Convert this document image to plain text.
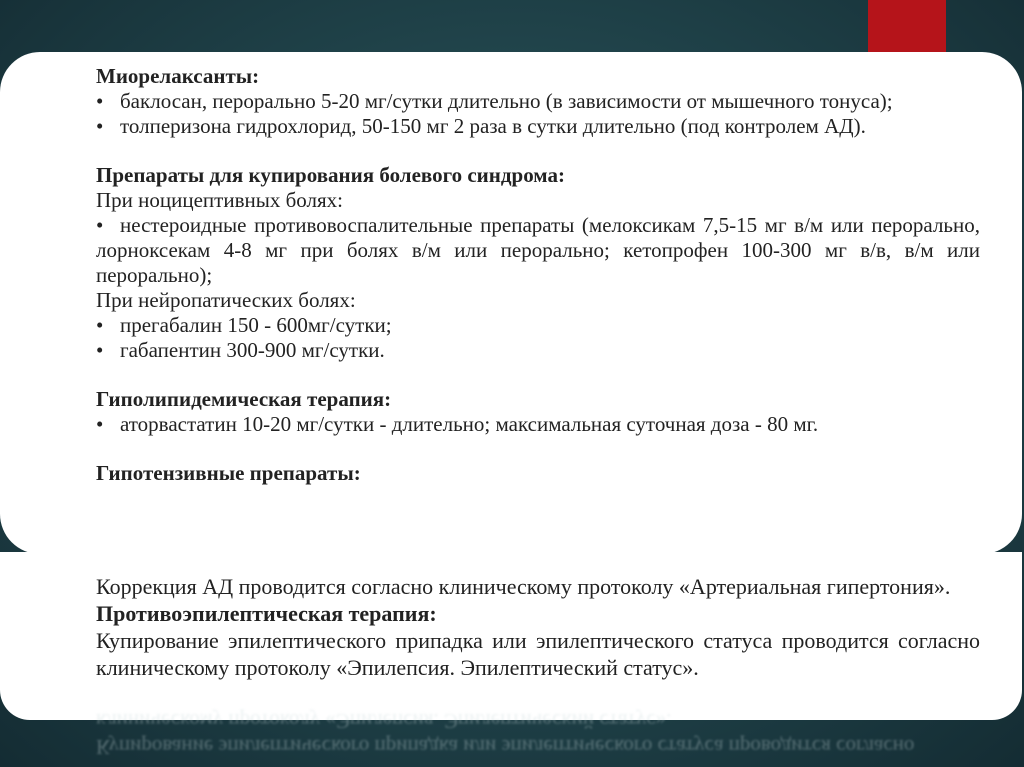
Миорелаксанты:

• баклосан, перорально 5-20 мг/сутки длительно (в зависимости от мышечного тонуса);

• толперизона гидрохлорид, 50-150 мг 2 раза в сутки длительно (под контролем АД).

Препараты для купирования болевого синдрома:

При ноцицептивных болях:

• нестероидные противовоспалительные препараты (мелоксикам 7,5-15 мг в/м или перорально, лорноксекам 4-8 мг при болях в/м или перорально; кетопрофен 100-300 мг в/в, в/м или перорально);

При нейропатических болях:

• прегабалин 150 - 600мг/сутки;

• габапентин 300-900 мг/сутки.

Гиполипидемическая терапия:

• аторвастатин 10-20 мг/сутки - длительно; максимальная суточная доза - 80 мг.

Гипотензивные препараты:

Коррекция АД проводится согласно клиническому протоколу «Артериальная гипертония».

Противоэпилептическая терапия:

Купирование эпилептического припадка или эпилептического статуса проводится согласно клиническому протоколу «Эпилепсия. Эпилептический статус».

Купирование эпилептического припадка или эпилептического статуса проводится согласно клиническому протоколу «Эпилепсия. Эпилептический статус».
